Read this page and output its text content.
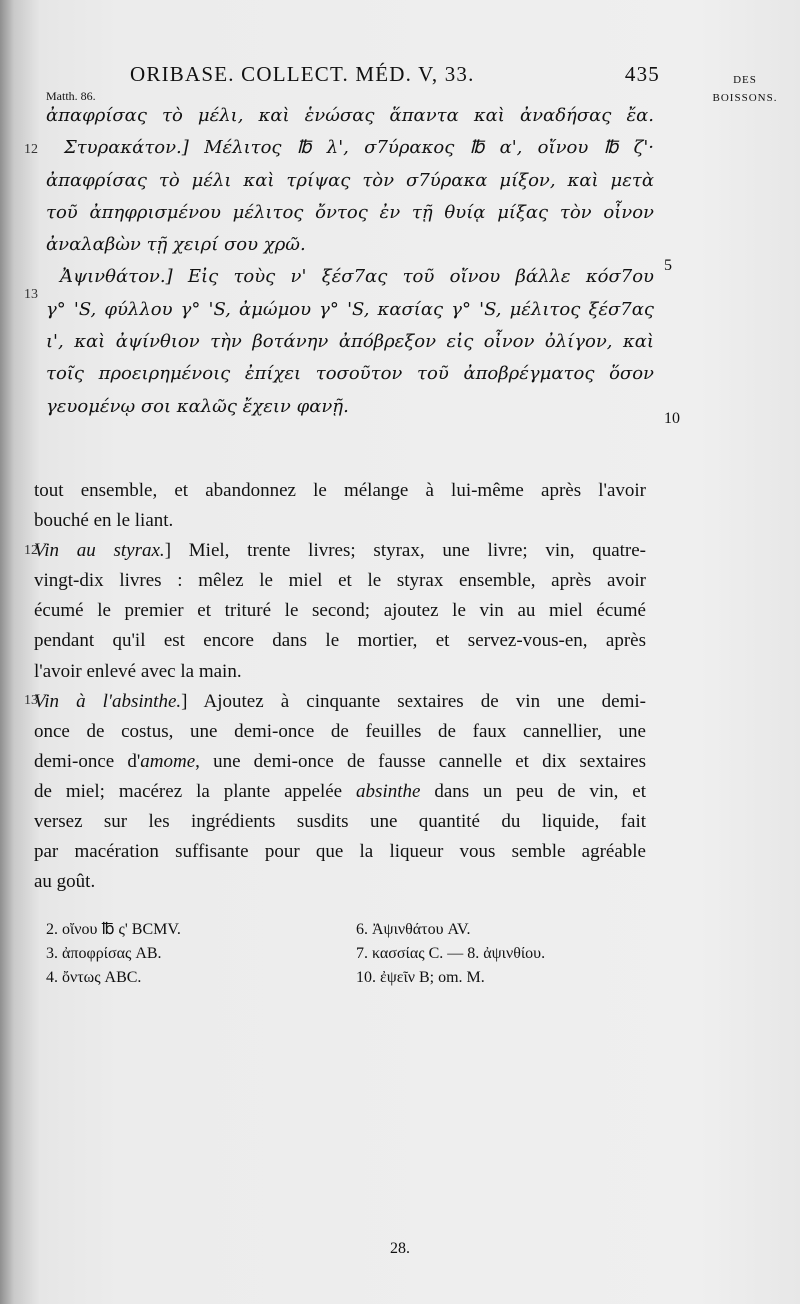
ORIBASE. COLLECT. MÉD. V, 33.	435	DES
BOISSONS.
Matth. 86.
ἀπαφρίσας τὸ μέλι, καὶ ἑνώσας ἅπαντα καὶ ἀναδήσας ἔα.
Στυρακάτον.] Μέλιτος ℔ λ', σ7ύρακος ℔ α', οἴνου ℔ ζ'·
ἀπαφρίσας τὸ μέλι καὶ τρίψας τὸν σ7ύρακα μίξον, καὶ μετὰ
τοῦ ἀπηφρισμένου μέλιτος ὄντος ἐν τῇ θυίᾳ μίξας τὸν οἶνον
ἀναλαβὼν τῇ χειρί σου χρῶ.
Ἀψινθάτον.] Εἰς τοὺς ν' ξέσ7ας τοῦ οἴνου βάλλε κόσ7ου
γ° 'S, φύλλου γ° 'S, ἀμώμου γ° 'S, κασίας γ° 'S, μέλιτος ξέσ7ας
ι', καὶ ἀψίνθιον τὴν βοτάνην ἀπόβρεξον εἰς οἶνον ὀλίγον, καὶ
τοῖς προειρημένοις ἐπίχει τοσοῦτον τοῦ ἀποβρέγματος ὅσον
γευομένῳ σοι καλῶς ἔχειν φανῇ.
12
13
5
10
tout ensemble, et abandonnez le mélange à lui-même après l'avoir
bouché en le liant.
Vin au styrax.] Miel, trente livres; styrax, une livre; vin, quatre-
vingt-dix livres : mêlez le miel et le styrax ensemble, après avoir
écumé le premier et trituré le second; ajoutez le vin au miel écumé
pendant qu'il est encore dans le mortier, et servez-vous-en, après
l'avoir enlevé avec la main.
Vin à l'absinthe.] Ajoutez à cinquante sextaires de vin une demi-
once de costus, une demi-once de feuilles de faux cannellier, une
demi-once d'amome, une demi-once de fausse cannelle et dix sextaires
de miel; macérez la plante appelée absinthe dans un peu de vin, et
versez sur les ingrédients susdits une quantité du liquide, fait
par macération suffisante pour que la liqueur vous semble agréable
au goût.
12
13
2. οἴνου ℔ ς' BCMV.
3. ἀποφρίσας AB.
4. ὄντως ABC.
6. Ἀψινθάτου AV.
7. κασσίας C. — 8. ἀψινθίου.
10. ἐψεῖν B; om. M.
28.
